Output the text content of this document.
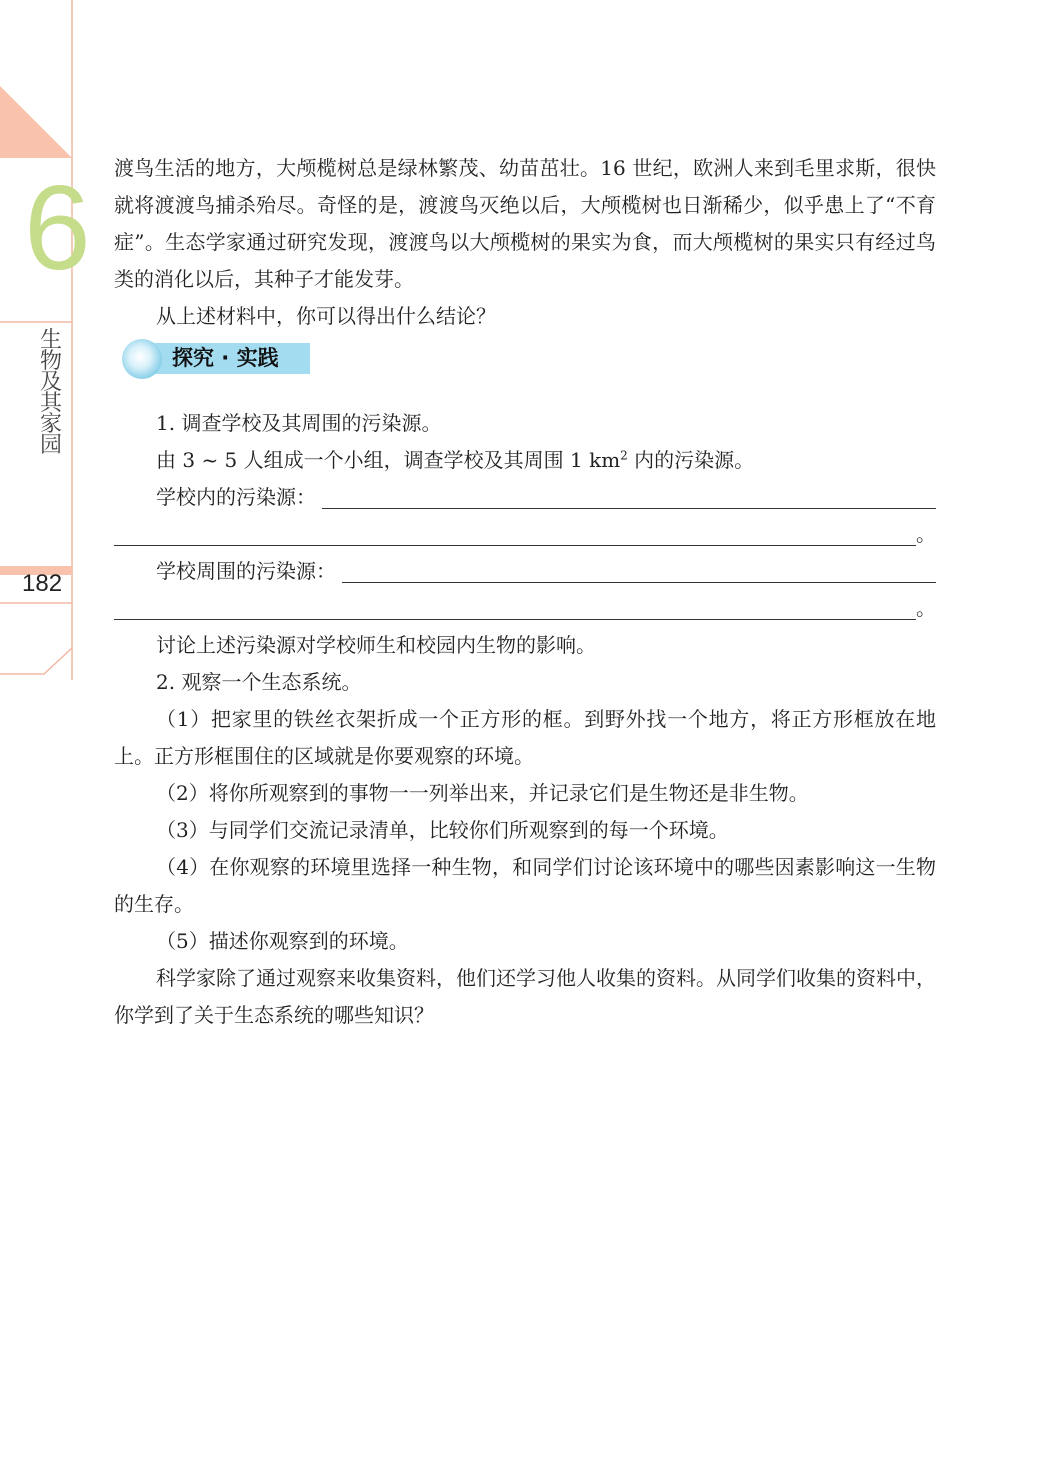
6
生
物
及
其
家
园
182

渡鸟生活的地方，大颅榄树总是绿林繁茂、幼苗茁壮。16 世纪，欧洲人来到毛里求斯，很快就将渡渡鸟捕杀殆尽。奇怪的是，渡渡鸟灭绝以后，大颅榄树也日渐稀少，似乎患上了“不育症”。生态学家通过研究发现，渡渡鸟以大颅榄树的果实为食，而大颅榄树的果实只有经过鸟类的消化以后，其种子才能发芽。

从上述材料中，你可以得出什么结论？

探究 · 实践

1. 调查学校及其周围的污染源。

由 3 ~ 5 人组成一个小组，调查学校及其周围 1 $km^2$ 内的污染源。

学校内的污染源：
。
学校周围的污染源：
。

讨论上述污染源对学校师生和校园内生物的影响。

2. 观察一个生态系统。

（1）把家里的铁丝衣架折成一个正方形的框。到野外找一个地方，将正方形框放在地上。正方形框围住的区域就是你要观察的环境。

（2）将你所观察到的事物一一列举出来，并记录它们是生物还是非生物。

（3）与同学们交流记录清单，比较你们所观察到的每一个环境。

（4）在你观察的环境里选择一种生物，和同学们讨论该环境中的哪些因素影响这一生物的生存。

（5）描述你观察到的环境。

科学家除了通过观察来收集资料，他们还学习他人收集的资料。从同学们收集的资料中，你学到了关于生态系统的哪些知识？
